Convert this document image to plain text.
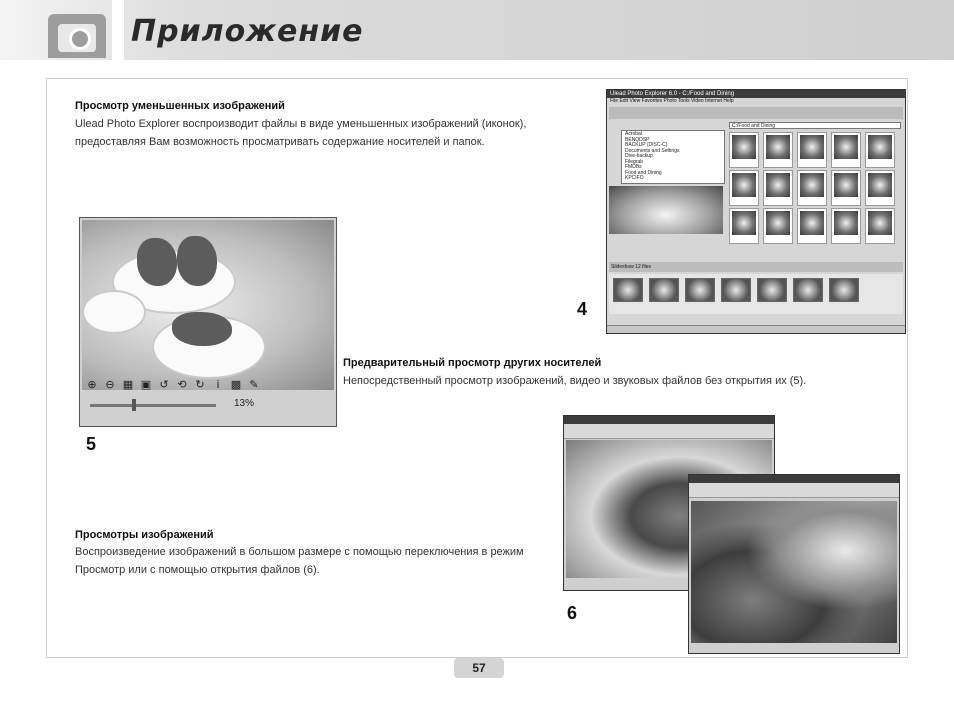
Приложение
Просмотр уменьшенных изображений
Ulead Photo Explorer воспроизводит файлы в виде уменьшенных изображений (иконок),
предоставляя Вам возможность просматривать содержание носителей и папок.
Ulead Photo Explorer 6.0 - C:/Food and Dining
File Edit View Favorites Photo Tools Video Internet Help
Acrobat
BENQDSP
BACKUP (DISC-C)
Documents and Settings
Dive-backup
Filegrab
FMDBs
Food and Dining
KPCIFO
C:/Food and Dining
Slideshow 12 files
4
⊕ ⊖ ▦ ▣ ↺ ⟲ ↻	ⅰ	▩ ✎
13%
5
Предварительный просмотр других носителей
Непосредственный просмотр изображений, видео и звуковых файлов без открытия их (5).
Просмотры изображений
Воспроизведение изображений в большом размере с помощью переключения в режим
Просмотр или с помощью открытия файлов (6).
6
57
